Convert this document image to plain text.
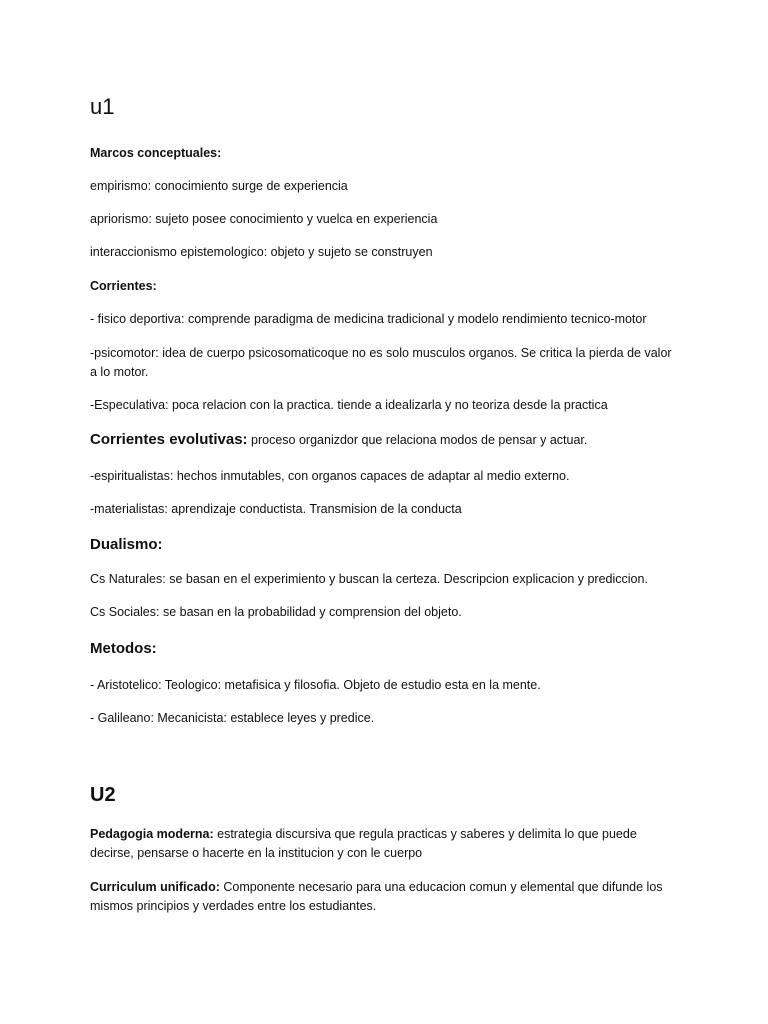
u1
Marcos conceptuales:
empirismo: conocimiento surge de experiencia
apriorismo: sujeto posee conocimiento y vuelca en experiencia
interaccionismo epistemologico: objeto y sujeto se construyen
Corrientes:
- fisico deportiva: comprende paradigma de medicina tradicional y modelo rendimiento tecnico-motor
-psicomotor: idea de cuerpo psicosomaticoque no es solo musculos organos. Se critica la pierda de valor a lo motor.
-Especulativa: poca relacion con la practica. tiende a idealizarla y no teoriza desde la practica
Corrientes evolutivas: proceso organizdor que relaciona modos de pensar y actuar.
-espiritualistas: hechos inmutables, con organos capaces de adaptar al medio externo.
-materialistas: aprendizaje conductista. Transmision de la conducta
Dualismo:
Cs Naturales: se basan en el experimiento y buscan la certeza. Descripcion explicacion y prediccion.
Cs Sociales: se basan en la probabilidad y comprension del objeto.
Metodos:
- Aristotelico: Teologico: metafisica y filosofia. Objeto de estudio esta en la mente.
- Galileano: Mecanicista: establece leyes y predice.
U2
Pedagogia moderna: estrategia discursiva que regula practicas y saberes y delimita lo que puede decirse, pensarse o hacerte en la institucion y con le cuerpo
Curriculum unificado: Componente necesario para una educacion comun y elemental que difunde los mismos principios y verdades entre los estudiantes.
